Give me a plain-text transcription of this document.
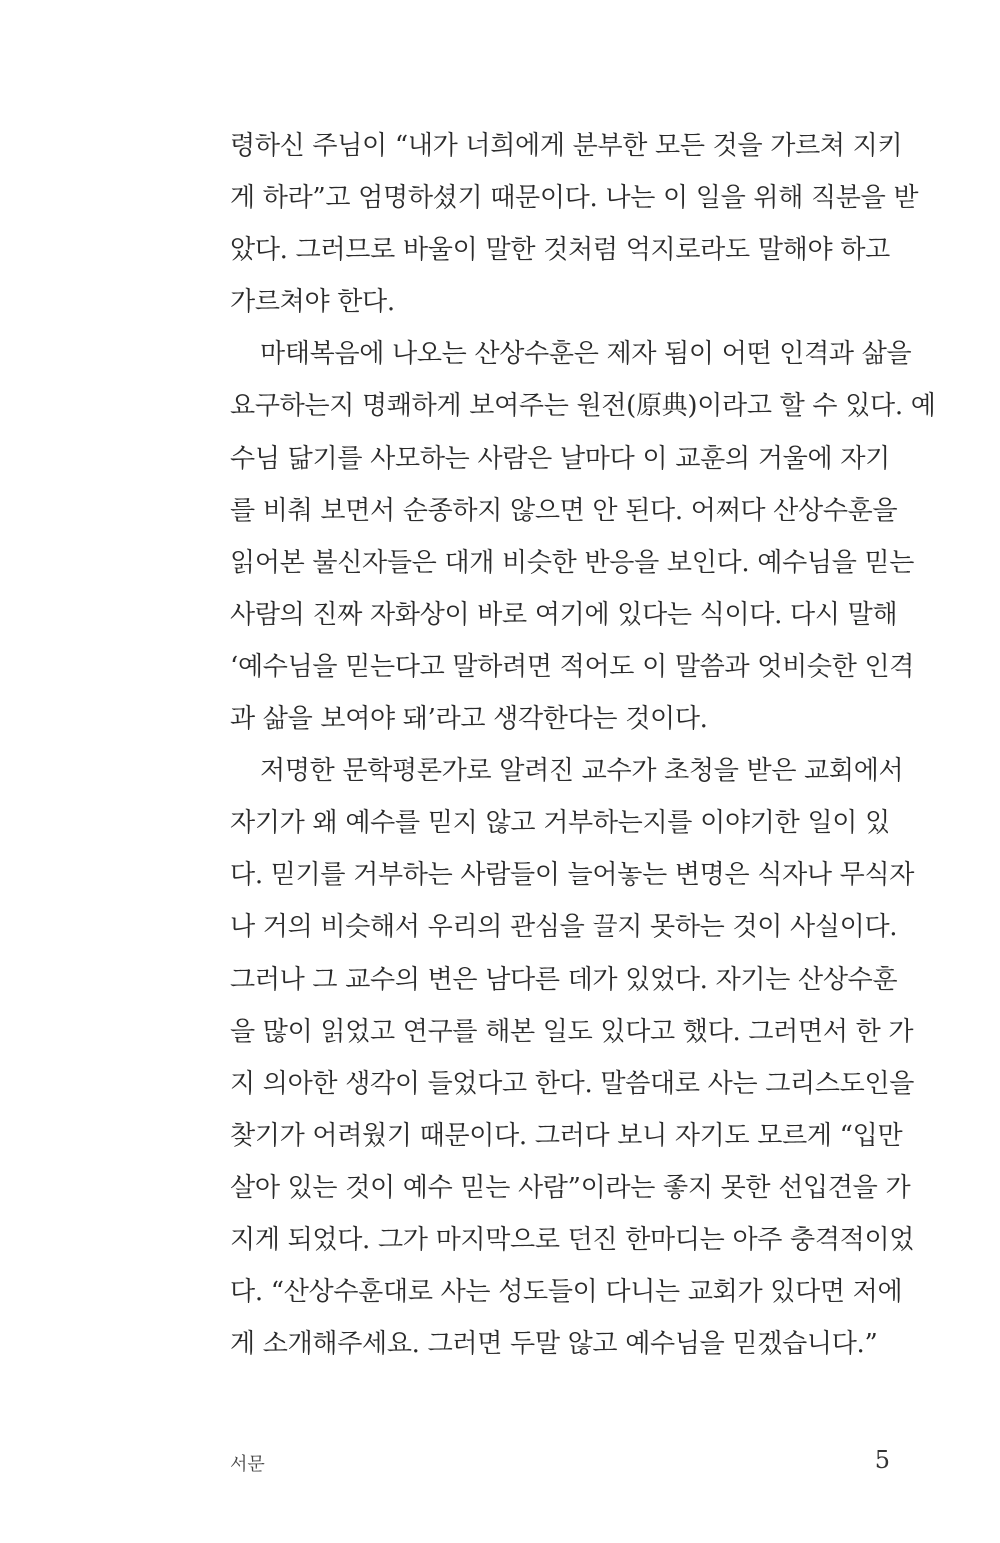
령하신 주님이 “내가 너희에게 분부한 모든 것을 가르쳐 지키
게 하라”고 엄명하셨기 때문이다. 나는 이 일을 위해 직분을 받
았다. 그러므로 바울이 말한 것처럼 억지로라도 말해야 하고
가르쳐야 한다.
마태복음에 나오는 산상수훈은 제자 됨이 어떤 인격과 삶을
요구하는지 명쾌하게 보여주는 원전(原典)이라고 할 수 있다. 예
수님 닮기를 사모하는 사람은 날마다 이 교훈의 거울에 자기
를 비춰 보면서 순종하지 않으면 안 된다. 어쩌다 산상수훈을
읽어본 불신자들은 대개 비슷한 반응을 보인다. 예수님을 믿는
사람의 진짜 자화상이 바로 여기에 있다는 식이다. 다시 말해
‘예수님을 믿는다고 말하려면 적어도 이 말씀과 엇비슷한 인격
과 삶을 보여야 돼’라고 생각한다는 것이다.
저명한 문학평론가로 알려진 교수가 초청을 받은 교회에서
자기가 왜 예수를 믿지 않고 거부하는지를 이야기한 일이 있
다. 믿기를 거부하는 사람들이 늘어놓는 변명은 식자나 무식자
나 거의 비슷해서 우리의 관심을 끌지 못하는 것이 사실이다.
그러나 그 교수의 변은 남다른 데가 있었다. 자기는 산상수훈
을 많이 읽었고 연구를 해본 일도 있다고 했다. 그러면서 한 가
지 의아한 생각이 들었다고 한다. 말씀대로 사는 그리스도인을
찾기가 어려웠기 때문이다. 그러다 보니 자기도 모르게 “입만
살아 있는 것이 예수 믿는 사람”이라는 좋지 못한 선입견을 가
지게 되었다. 그가 마지막으로 던진 한마디는 아주 충격적이었
다. “산상수훈대로 사는 성도들이 다니는 교회가 있다면 저에
게 소개해주세요. 그러면 두말 않고 예수님을 믿겠습니다.”
서문	5
